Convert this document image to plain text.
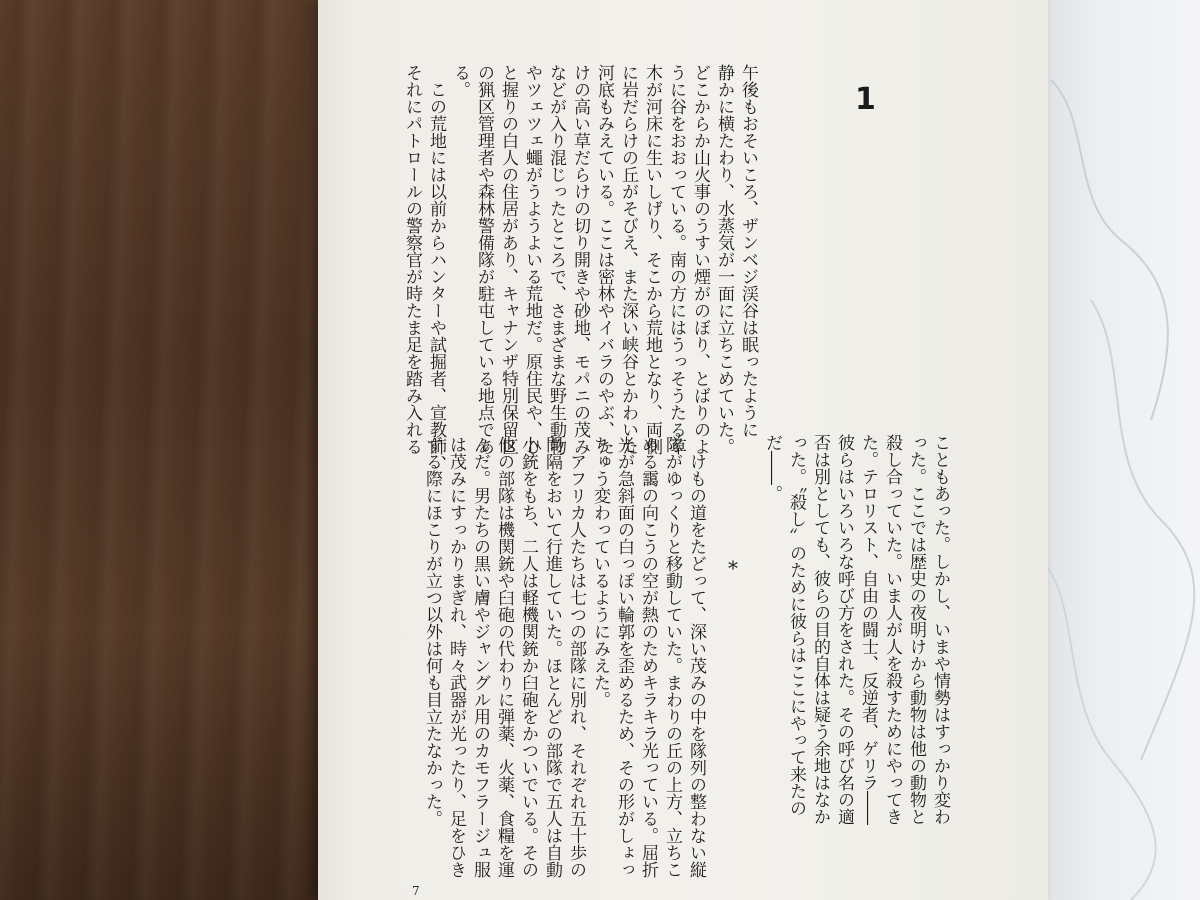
1
午後もおそいころ、ザンベジ渓谷は眠ったように
静かに横たわり、水蒸気が一面に立ちこめていた。
どこからか山火事のうすい煙がのぼり、とばりのよ
うに谷をおおっている。南の方にはうっそうたる草
木が河床に生いしげり、そこから荒地となり、両側
に岩だらけの丘がそびえ、また深い峡谷とかわいた
河底もみえている。ここは密林やイバラのやぶ、た
けの高い草だらけの切り開きや砂地、モパニの茂み
などが入り混じったところで、さまざまな野生動物
やツェツェ蠅がうようよいる荒地だ。原住民や、ひ
と握りの白人の住居があり、キャナンザ特別保留区
の猟区管理者や森林警備隊が駐屯している地点であ
る。
　この荒地には以前からハンターや試掘者、宣教師、
それにパトロールの警察官が時たま足を踏み入れる
こともあった。しかし、いまや情勢はすっかり変わ
った。ここでは歴史の夜明けから動物は他の動物と
殺し合っていた。いま人が人を殺すためにやってき
た。テロリスト、自由の闘士、反逆者、ゲリラ――
彼らはいろいろな呼び方をされた。その呼び名の適
否は別としても、彼らの目的自体は疑う余地はなか
った。〝殺し〟のために彼らはここにやって来たの
だ――。
*
　けもの道をたどって、深い茂みの中を隊列の整わない縦
隊がゆっくりと移動していた。まわりの丘の上方、立ちこ
める靄の向こうの空が熱のためキラキラ光っている。屈折
光が急斜面の白っぽい輪郭を歪めるため、その形がしょっ
ちゅう変わっているようにみえた。
　アフリカ人たちは七つの部隊に別れ、それぞれ五十歩の
間隔をおいて行進していた。ほとんどの部隊で五人は自動
小銃をもち、二人は軽機関銃か臼砲をかついでいる。その
他の部隊は機関銃や臼砲の代わりに弾薬、火薬、食糧を運
んだ。男たちの黒い膚やジャングル用のカモフラージュ服
は茂みにすっかりまぎれ、時々武器が光ったり、足をひき
ずる際にほこりが立つ以外は何も目立たなかった。
7
